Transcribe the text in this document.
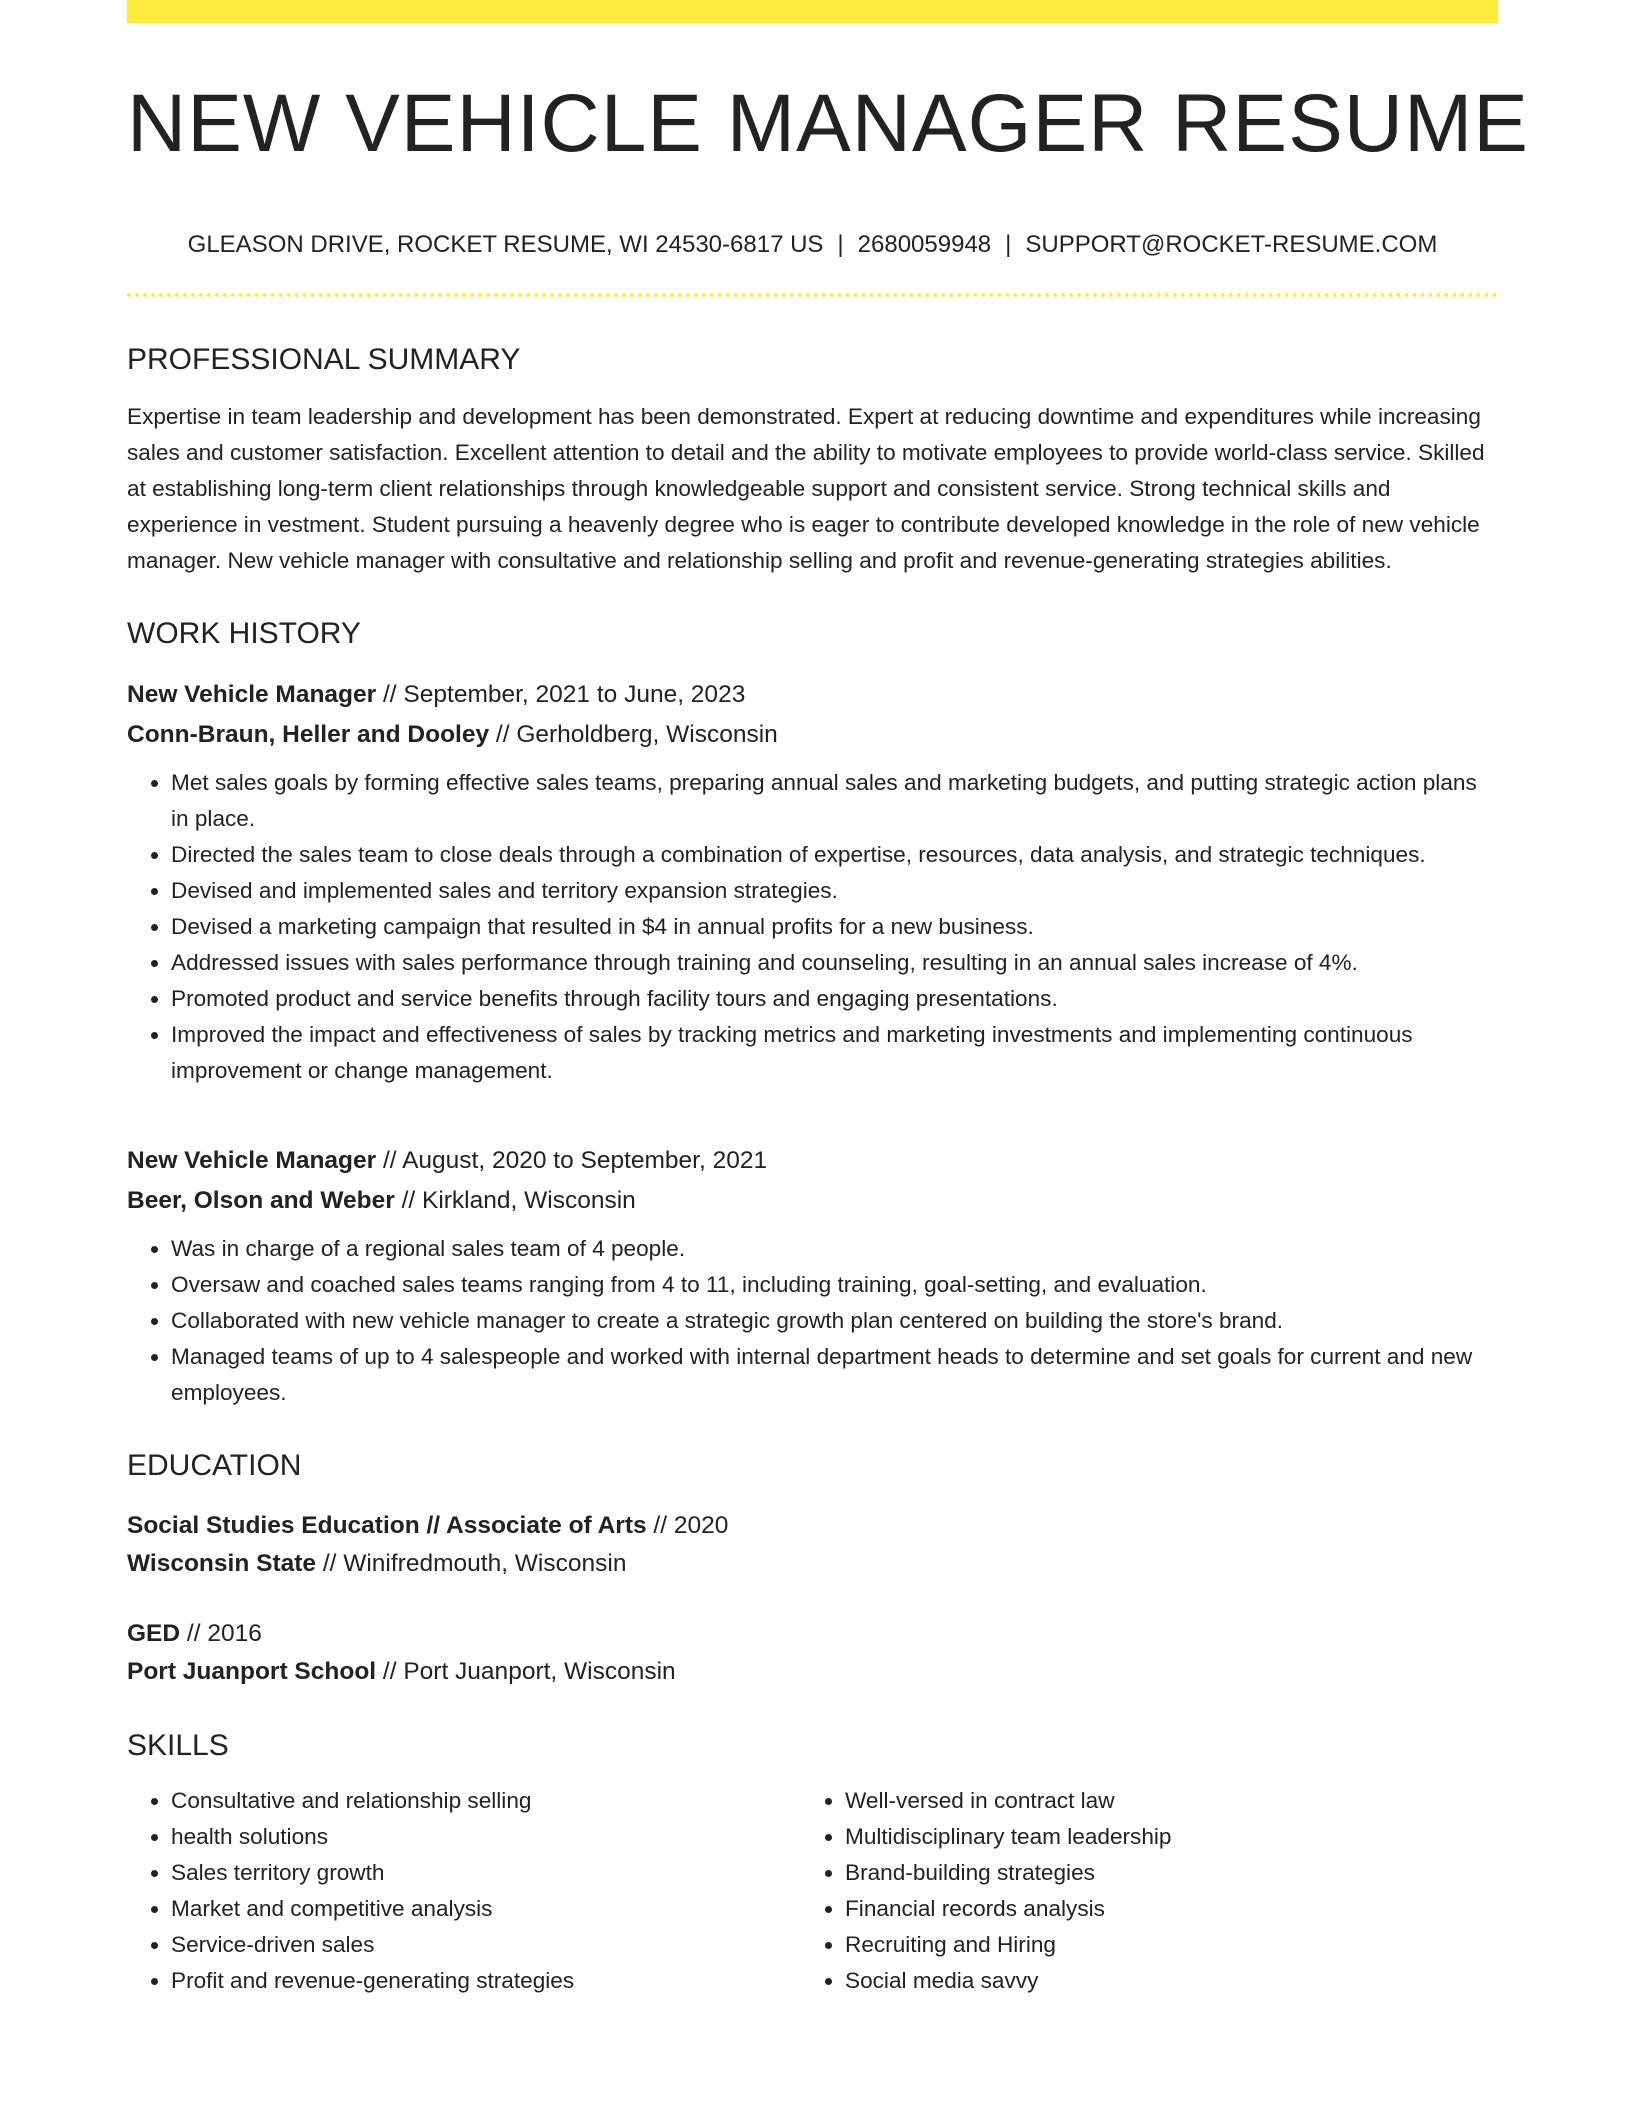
NEW VEHICLE MANAGER RESUME
GLEASON DRIVE, ROCKET RESUME, WI 24530-6817 US | 2680059948 | SUPPORT@ROCKET-RESUME.COM
PROFESSIONAL SUMMARY

Expertise in team leadership and development has been demonstrated. Expert at reducing downtime and expenditures while increasing sales and customer satisfaction. Excellent attention to detail and the ability to motivate employees to provide world-class service. Skilled at establishing long-term client relationships through knowledgeable support and consistent service. Strong technical skills and experience in vestment. Student pursuing a heavenly degree who is eager to contribute developed knowledge in the role of new vehicle manager. New vehicle manager with consultative and relationship selling and profit and revenue-generating strategies abilities.

WORK HISTORY
New Vehicle Manager // September, 2021 to June, 2023
Conn-Braun, Heller and Dooley // Gerholdberg, Wisconsin
• Met sales goals by forming effective sales teams, preparing annual sales and marketing budgets, and putting strategic action plans in place.
• Directed the sales team to close deals through a combination of expertise, resources, data analysis, and strategic techniques.
• Devised and implemented sales and territory expansion strategies.
• Devised a marketing campaign that resulted in $4 in annual profits for a new business.
• Addressed issues with sales performance through training and counseling, resulting in an annual sales increase of 4%.
• Promoted product and service benefits through facility tours and engaging presentations.
• Improved the impact and effectiveness of sales by tracking metrics and marketing investments and implementing continuous improvement or change management.
New Vehicle Manager // August, 2020 to September, 2021
Beer, Olson and Weber // Kirkland, Wisconsin
• Was in charge of a regional sales team of 4 people.
• Oversaw and coached sales teams ranging from 4 to 11, including training, goal-setting, and evaluation.
• Collaborated with new vehicle manager to create a strategic growth plan centered on building the store's brand.
• Managed teams of up to 4 salespeople and worked with internal department heads to determine and set goals for current and new employees.
EDUCATION
Social Studies Education // Associate of Arts // 2020
Wisconsin State // Winifredmouth, Wisconsin
GED // 2016
Port Juanport School // Port Juanport, Wisconsin
SKILLS
• Consultative and relationship selling
• health solutions
• Sales territory growth
• Market and competitive analysis
• Service-driven sales
• Profit and revenue-generating strategies
• Well-versed in contract law
• Multidisciplinary team leadership
• Brand-building strategies
• Financial records analysis
• Recruiting and Hiring
• Social media savvy
